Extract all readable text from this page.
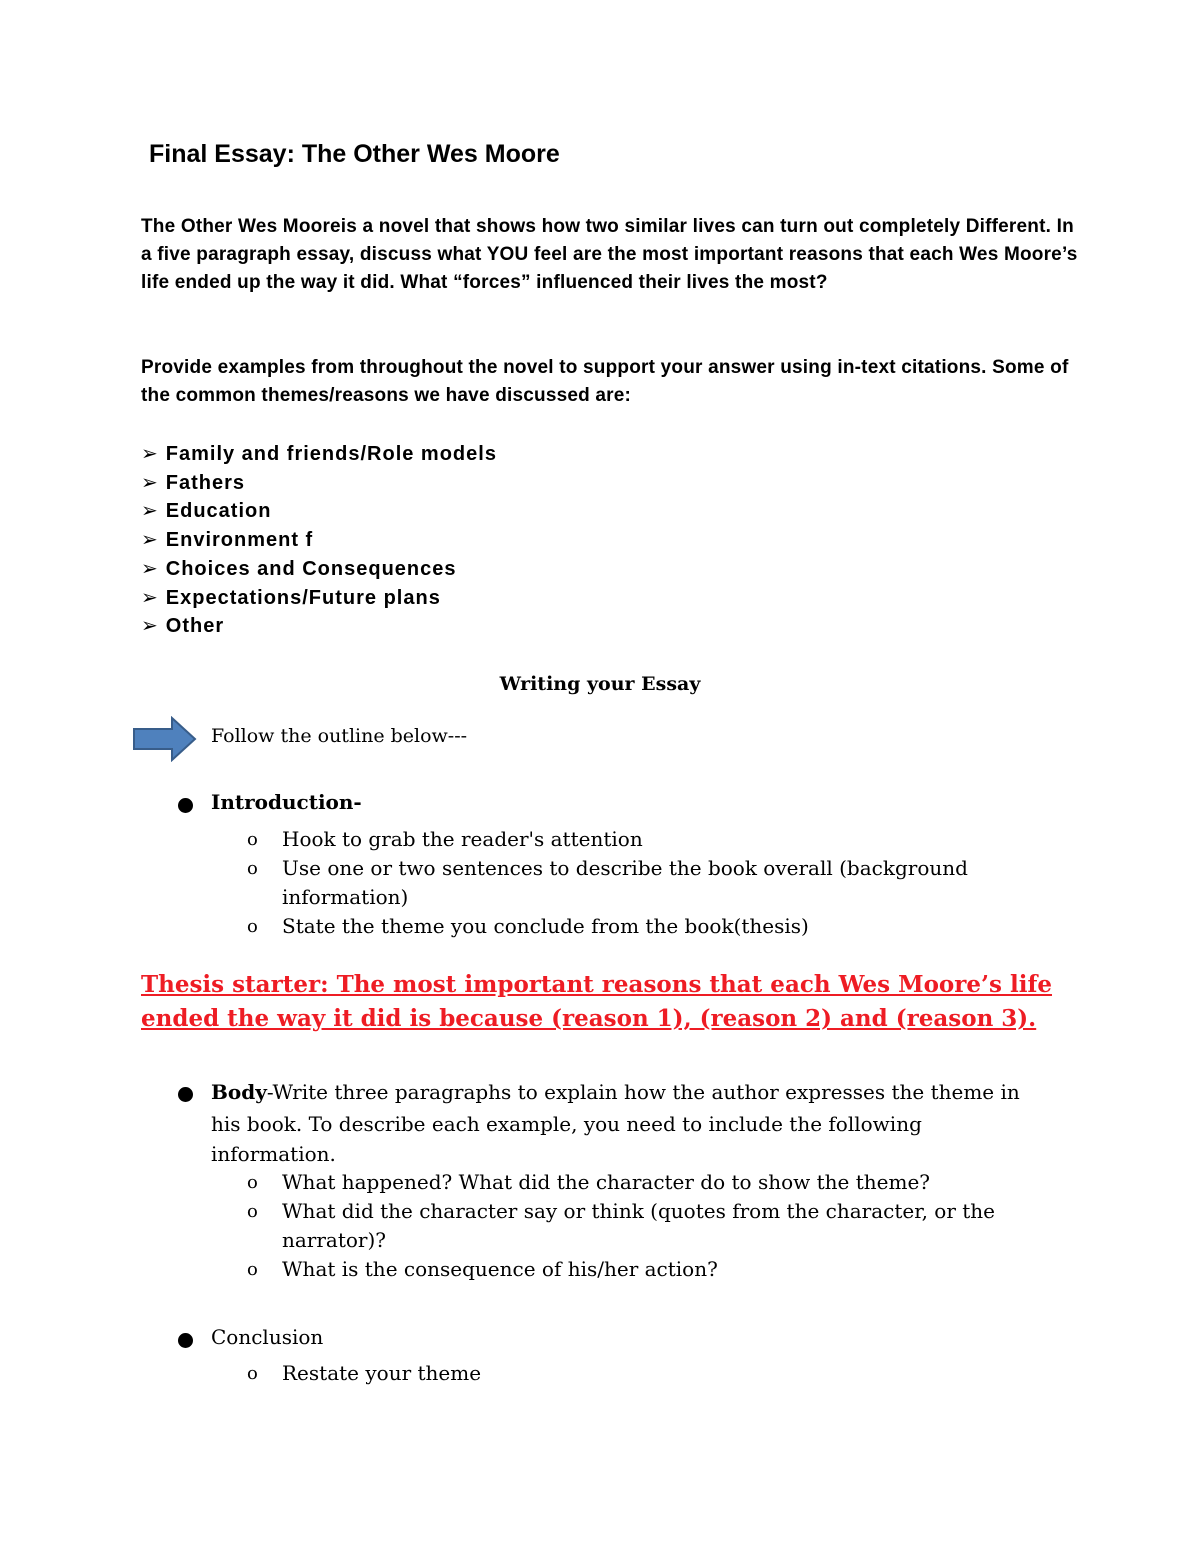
Final Essay: The Other Wes Moore
The Other Wes Mooreis a novel that shows how two similar lives can turn out completely Different. In a five paragraph essay, discuss what YOU feel are the most important reasons that each Wes Moore’s life ended up the way it did. What “forces” influenced their lives the most?
Provide examples from throughout the novel to support your answer using in-text citations. Some of the common themes/reasons we have discussed are:
➢ Family and friends/Role models
➢ Fathers
➢ Education
➢ Environment f
➢ Choices and Consequences
➢ Expectations/Future plans
➢ Other
Writing your Essay
Follow the outline below---
Introduction-
o Hook to grab the reader's attention
o Use one or two sentences to describe the book overall (background information)
o State the theme you conclude from the book(thesis)
Thesis starter: The most important reasons that each Wes Moore’s life ended the way it did is because (reason 1), (reason 2) and (reason 3).
Body-Write three paragraphs to explain how the author expresses the theme in
his book. To describe each example, you need to include the following information.
o What happened? What did the character do to show the theme?
o What did the character say or think (quotes from the character, or the narrator)?
o What is the consequence of his/her action?
Conclusion
o Restate your theme
